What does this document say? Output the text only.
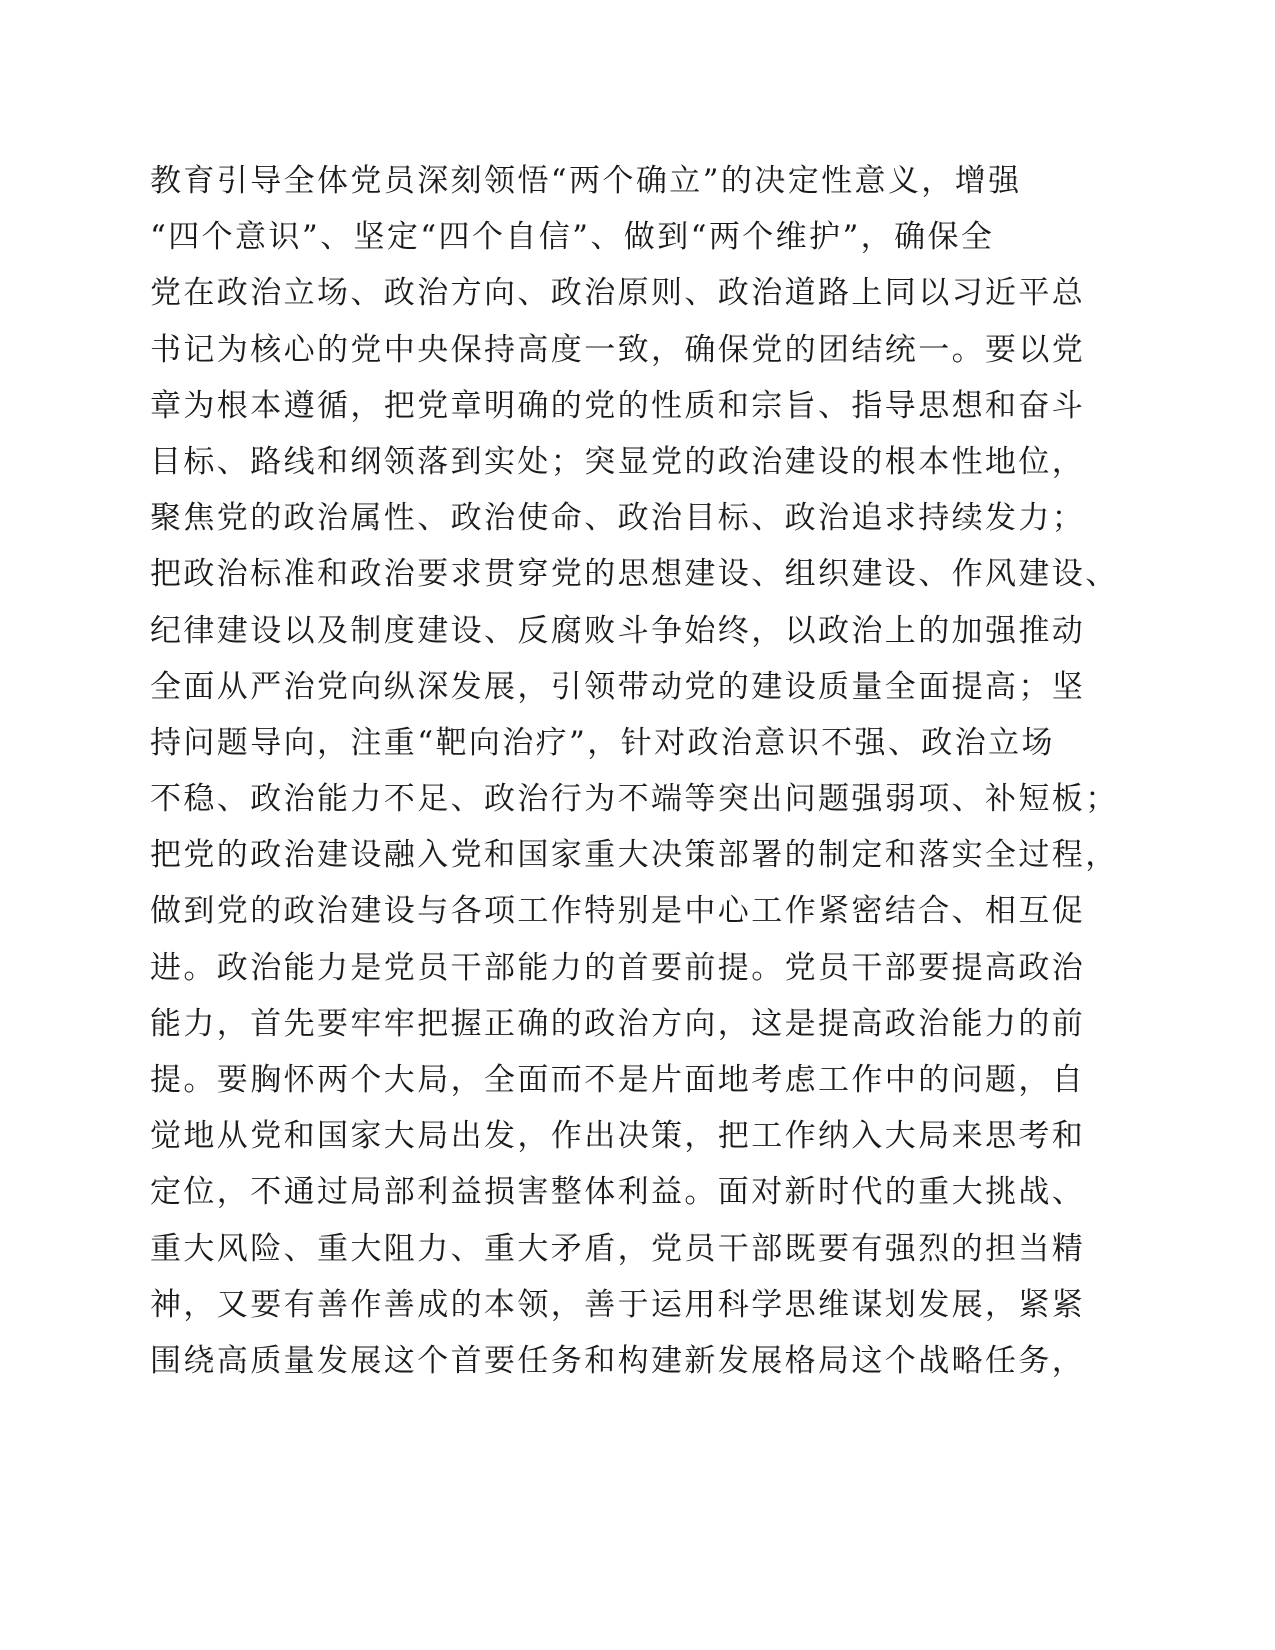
教育引导全体党员深刻领悟“两个确立”的决定性意义，增强
“四个意识”、坚定“四个自信”、做到“两个维护”，确保全
党在政治立场、政治方向、政治原则、政治道路上同以习近平总
书记为核心的党中央保持高度一致，确保党的团结统一。要以党
章为根本遵循，把党章明确的党的性质和宗旨、指导思想和奋斗
目标、路线和纲领落到实处；突显党的政治建设的根本性地位，
聚焦党的政治属性、政治使命、政治目标、政治追求持续发力；
把政治标准和政治要求贯穿党的思想建设、组织建设、作风建设、
纪律建设以及制度建设、反腐败斗争始终，以政治上的加强推动
全面从严治党向纵深发展，引领带动党的建设质量全面提高；坚
持问题导向，注重“靶向治疗”，针对政治意识不强、政治立场
不稳、政治能力不足、政治行为不端等突出问题强弱项、补短板；
把党的政治建设融入党和国家重大决策部署的制定和落实全过程，
做到党的政治建设与各项工作特别是中心工作紧密结合、相互促
进。政治能力是党员干部能力的首要前提。党员干部要提高政治
能力，首先要牢牢把握正确的政治方向，这是提高政治能力的前
提。要胸怀两个大局，全面而不是片面地考虑工作中的问题，自
觉地从党和国家大局出发，作出决策，把工作纳入大局来思考和
定位，不通过局部利益损害整体利益。面对新时代的重大挑战、
重大风险、重大阻力、重大矛盾，党员干部既要有强烈的担当精
神，又要有善作善成的本领，善于运用科学思维谋划发展，紧紧
围绕高质量发展这个首要任务和构建新发展格局这个战略任务，
